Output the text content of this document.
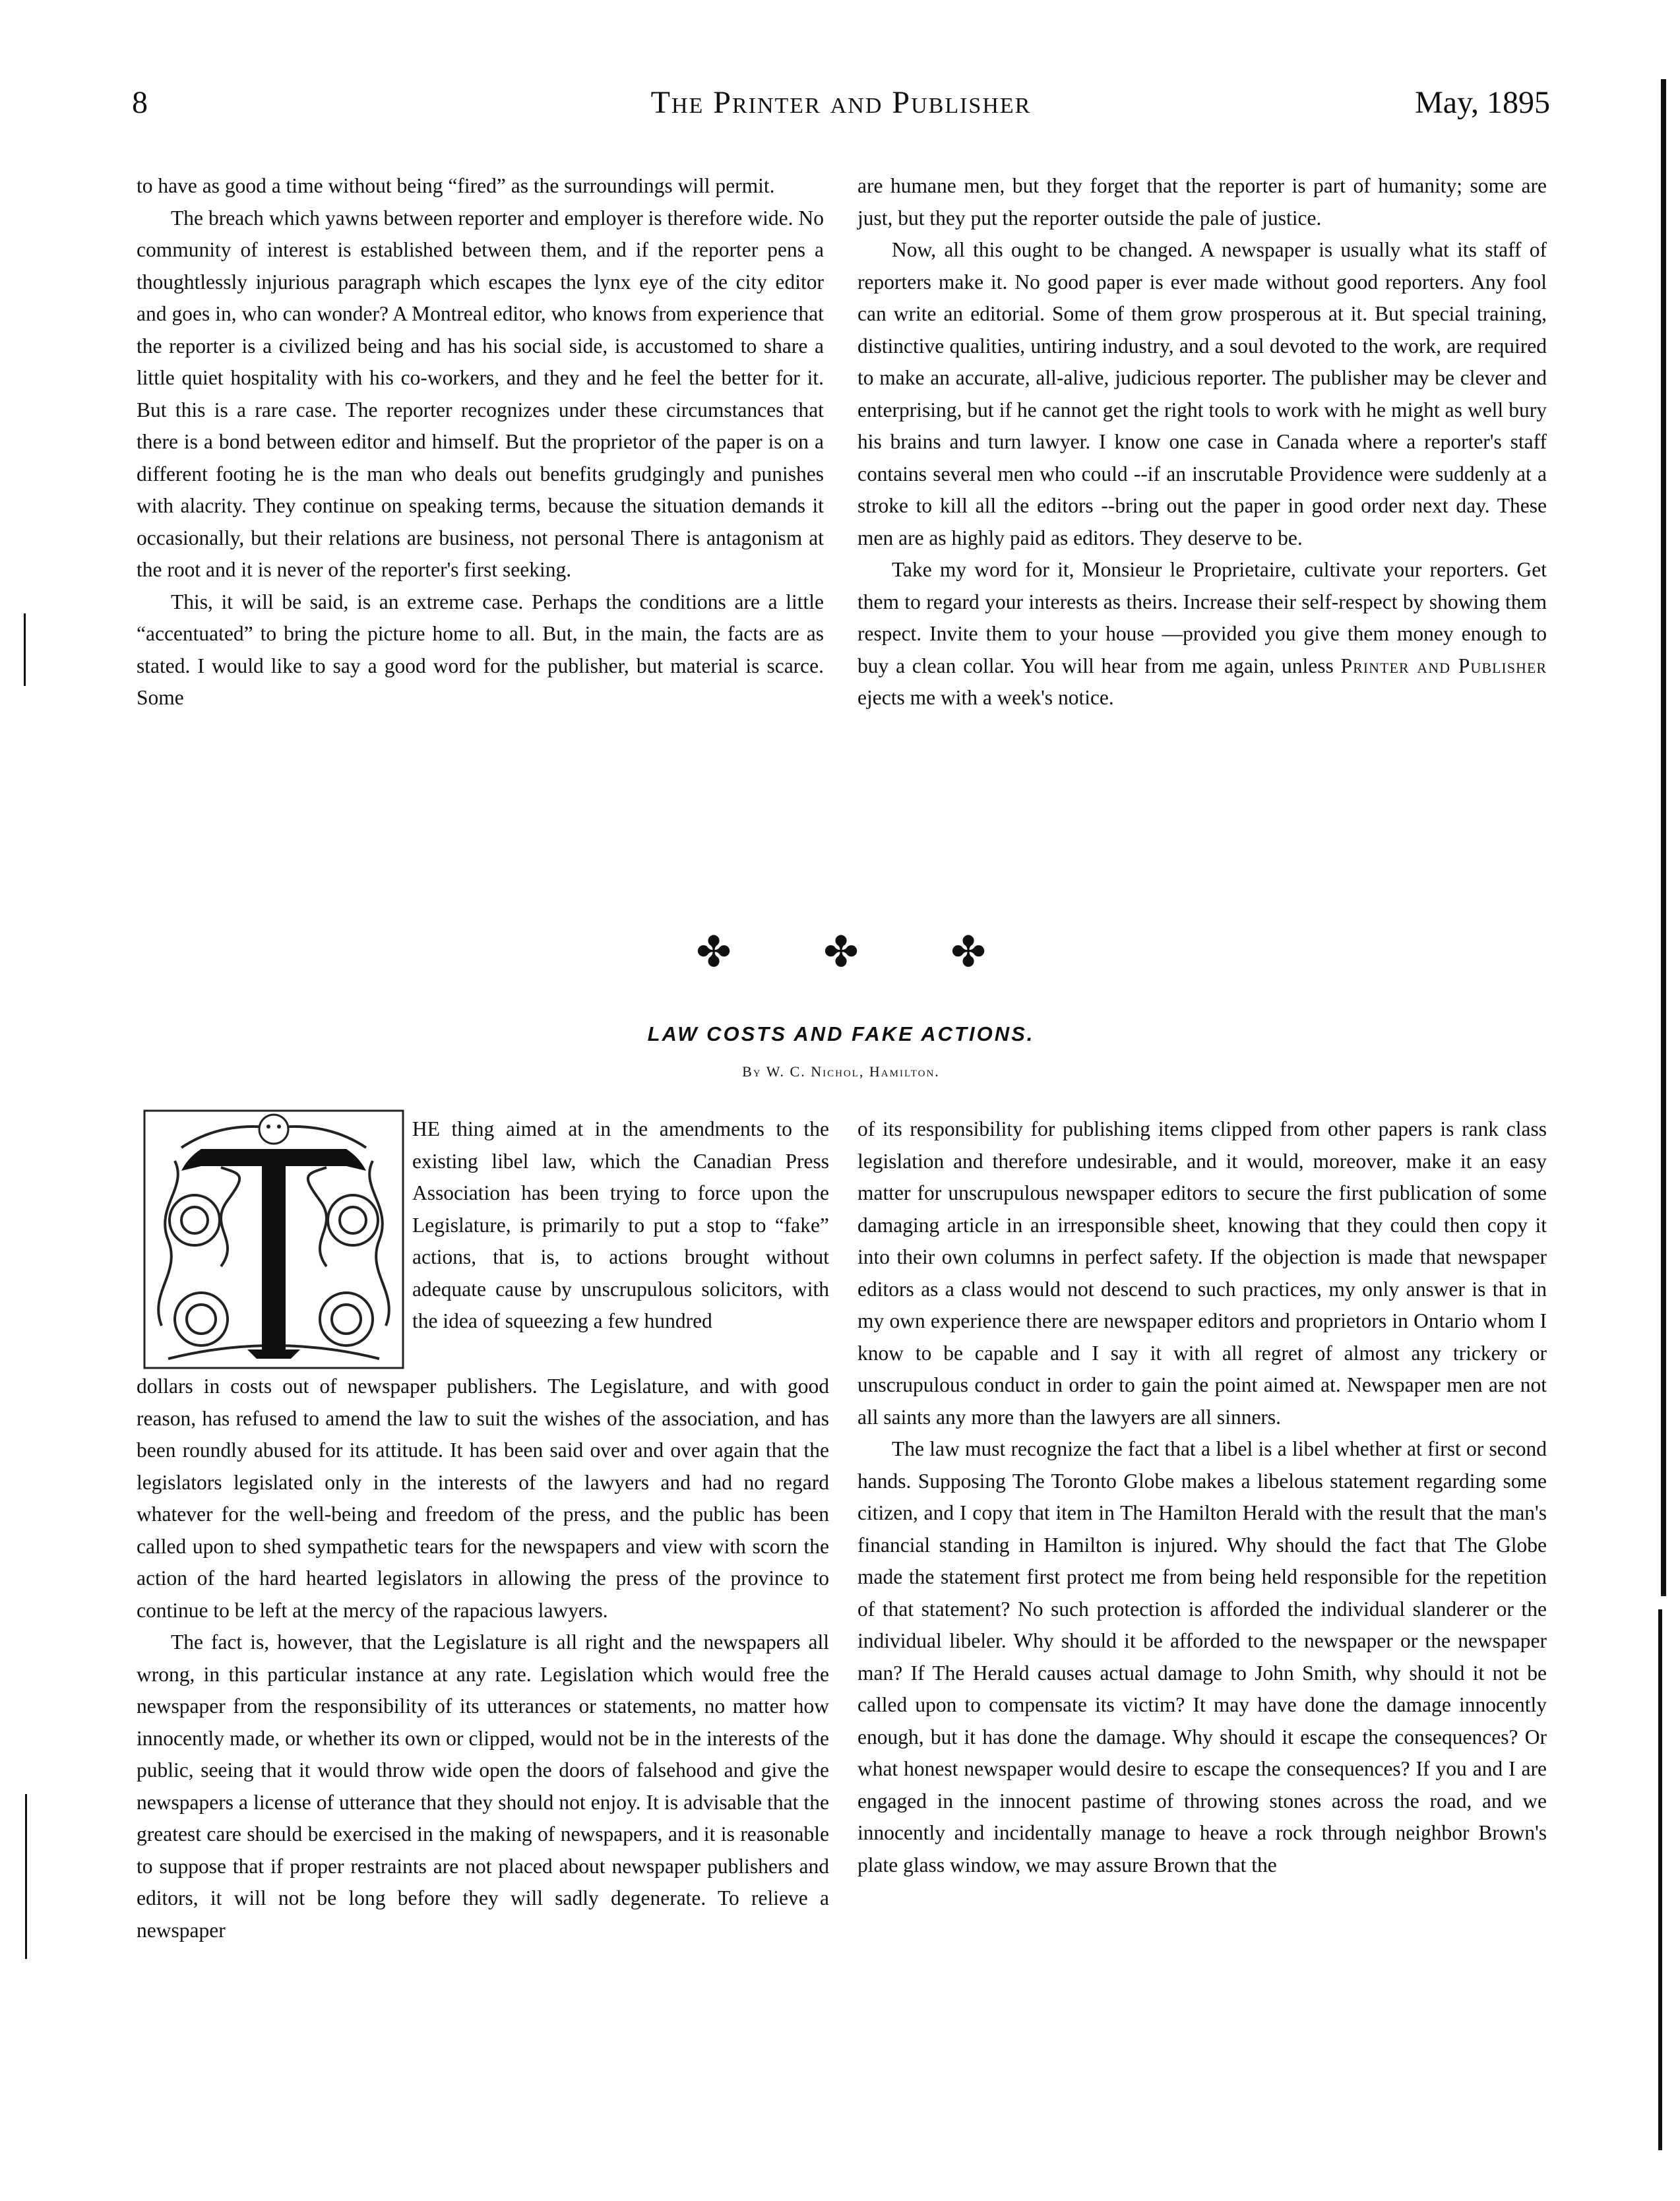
8	The Printer and Publisher	May, 1895

to have as good a time without being “fired” as the surroundings will permit.

The breach which yawns between reporter and employer is therefore wide. No community of interest is established between them, and if the reporter pens a thoughtlessly injurious paragraph which escapes the lynx eye of the city editor and goes in, who can wonder? A Montreal editor, who knows from experience that the reporter is a civilized being and has his social side, is accustomed to share a little quiet hospitality with his co-workers, and they and he feel the better for it. But this is a rare case. The reporter recognizes under these circumstances that there is a bond between editor and himself. But the proprietor of the paper is on a different footing he is the man who deals out benefits grudgingly and punishes with alacrity. They continue on speaking terms, because the situation demands it occasionally, but their relations are business, not personal There is antagonism at the root and it is never of the reporter's first seeking.

This, it will be said, is an extreme case. Perhaps the conditions are a little “accentuated” to bring the picture home to all. But, in the main, the facts are as stated. I would like to say a good word for the publisher, but material is scarce. Some

are humane men, but they forget that the reporter is part of humanity; some are just, but they put the reporter outside the pale of justice.

Now, all this ought to be changed. A newspaper is usually what its staff of reporters make it. No good paper is ever made without good reporters. Any fool can write an editorial. Some of them grow prosperous at it. But special training, distinctive qualities, untiring industry, and a soul devoted to the work, are required to make an accurate, all-alive, judicious reporter. The publisher may be clever and enterprising, but if he cannot get the right tools to work with he might as well bury his brains and turn lawyer. I know one case in Canada where a reporter's staff contains several men who could --if an inscrutable Providence were suddenly at a stroke to kill all the editors --bring out the paper in good order next day. These men are as highly paid as editors. They deserve to be.

Take my word for it, Monsieur le Proprietaire, cultivate your reporters. Get them to regard your interests as theirs. Increase their self-respect by showing them respect. Invite them to your house —provided you give them money enough to buy a clean collar. You will hear from me again, unless Printer and Publisher ejects me with a week's notice.

✤ ✤ ✤
LAW COSTS AND FAKE ACTIONS.
By W. C. Nichol, Hamilton.

HE thing aimed at in the amendments to the existing libel law, which the Canadian Press Association has been trying to force upon the Legislature, is primarily to put a stop to “fake” actions, that is, to actions brought without adequate cause by unscrupulous solicitors, with the idea of squeezing a few hundred

dollars in costs out of newspaper publishers. The Legislature, and with good reason, has refused to amend the law to suit the wishes of the association, and has been roundly abused for its attitude. It has been said over and over again that the legislators legislated only in the interests of the lawyers and had no regard whatever for the well-being and freedom of the press, and the public has been called upon to shed sympathetic tears for the newspapers and view with scorn the action of the hard hearted legislators in allowing the press of the province to continue to be left at the mercy of the rapacious lawyers.

The fact is, however, that the Legislature is all right and the newspapers all wrong, in this particular instance at any rate. Legislation which would free the newspaper from the responsibility of its utterances or statements, no matter how innocently made, or whether its own or clipped, would not be in the interests of the public, seeing that it would throw wide open the doors of falsehood and give the newspapers a license of utterance that they should not enjoy. It is advisable that the greatest care should be exercised in the making of newspapers, and it is reasonable to suppose that if proper restraints are not placed about newspaper publishers and editors, it will not be long before they will sadly degenerate. To relieve a newspaper

of its responsibility for publishing items clipped from other papers is rank class legislation and therefore undesirable, and it would, moreover, make it an easy matter for unscrupulous newspaper editors to secure the first publication of some damaging article in an irresponsible sheet, knowing that they could then copy it into their own columns in perfect safety. If the objection is made that newspaper editors as a class would not descend to such practices, my only answer is that in my own experience there are newspaper editors and proprietors in Ontario whom I know to be capable and I say it with all regret of almost any trickery or unscrupulous conduct in order to gain the point aimed at. Newspaper men are not all saints any more than the lawyers are all sinners.

The law must recognize the fact that a libel is a libel whether at first or second hands. Supposing The Toronto Globe makes a libelous statement regarding some citizen, and I copy that item in The Hamilton Herald with the result that the man's financial standing in Hamilton is injured. Why should the fact that The Globe made the statement first protect me from being held responsible for the repetition of that statement? No such protection is afforded the individual slanderer or the individual libeler. Why should it be afforded to the newspaper or the newspaper man? If The Herald causes actual damage to John Smith, why should it not be called upon to compensate its victim? It may have done the damage innocently enough, but it has done the damage. Why should it escape the consequences? Or what honest newspaper would desire to escape the consequences? If you and I are engaged in the innocent pastime of throwing stones across the road, and we innocently and incidentally manage to heave a rock through neighbor Brown's plate glass window, we may assure Brown that the
